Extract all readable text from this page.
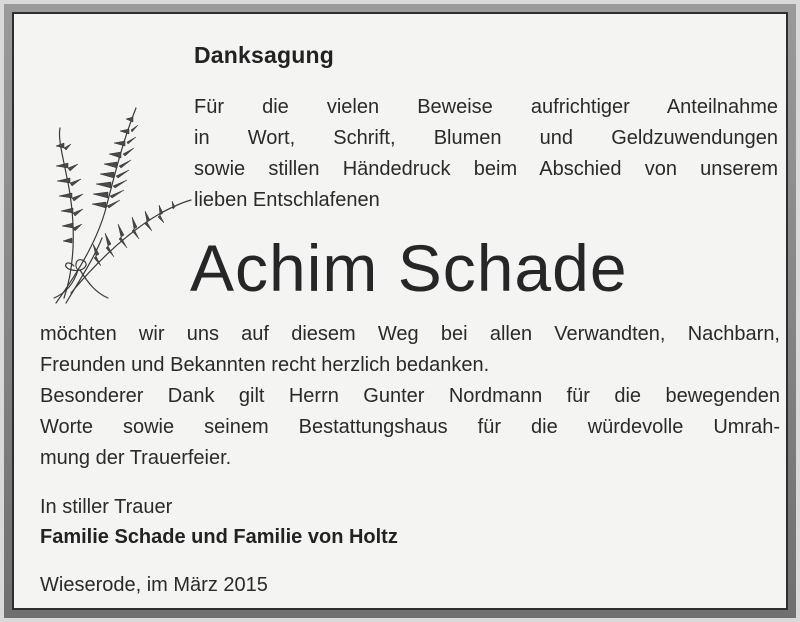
Danksagung
Für die vielen Beweise aufrichtiger Anteilnahme
in Wort, Schrift, Blumen und Geldzuwendungen
sowie stillen Händedruck beim Abschied von unserem
lieben Entschlafenen
Achim Schade
möchten wir uns auf diesem Weg bei allen Verwandten, Nachbarn,
Freunden und Bekannten recht herzlich bedanken.
Besonderer Dank gilt Herrn Gunter Nordmann für die bewegenden
Worte sowie seinem Bestattungshaus für die würdevolle Umrah-
mung der Trauerfeier.
In stiller Trauer
Familie Schade und Familie von Holtz
Wieserode, im März 2015
